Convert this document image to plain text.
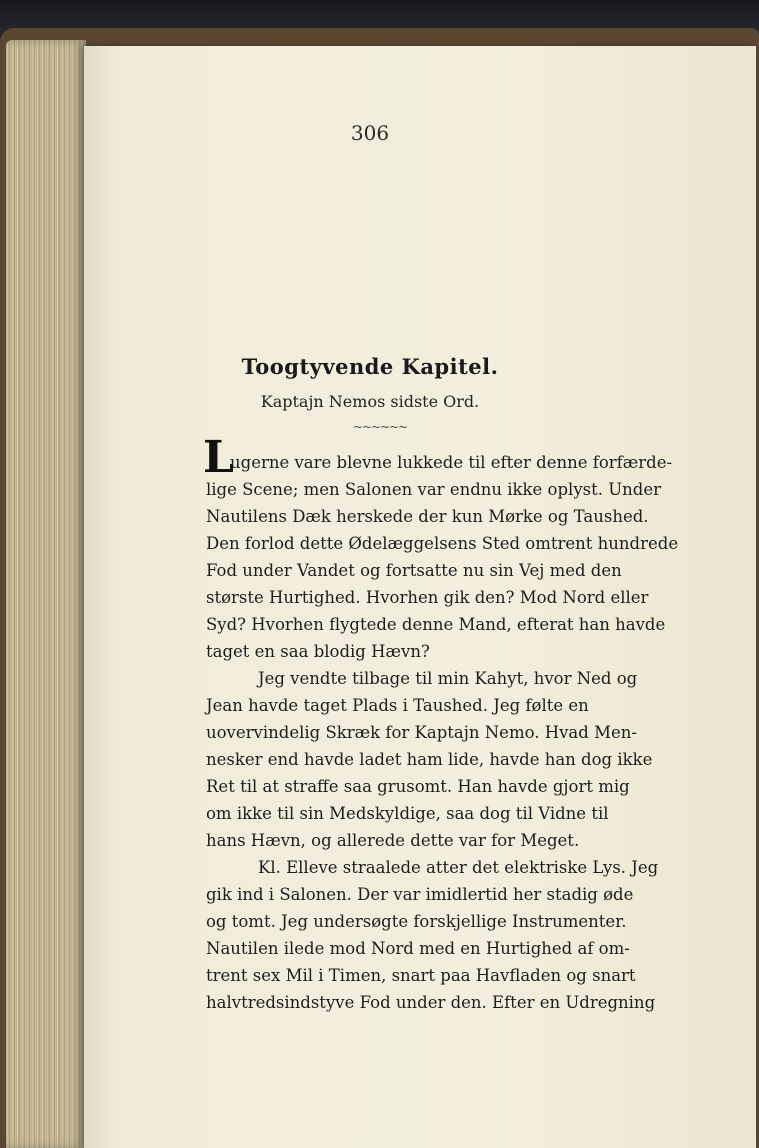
306
Toogtyvende Kapitel.
Kaptajn Nemos sidste Ord.
~~~~~~
L
ugerne vare blevne lukkede til efter denne forfærde-
lige Scene; men Salonen var endnu ikke oplyst. Under
Nautilens Dæk herskede der kun Mørke og Taushed.
Den forlod dette Ødelæggelsens Sted omtrent hundrede
Fod under Vandet og fortsatte nu sin Vej med den
største Hurtighed. Hvorhen gik den? Mod Nord eller
Syd? Hvorhen flygtede denne Mand, efterat han havde
taget en saa blodig Hævn?
Jeg vendte tilbage til min Kahyt, hvor Ned og
Jean havde taget Plads i Taushed. Jeg følte en
uovervindelig Skræk for Kaptajn Nemo. Hvad Men-
nesker end havde ladet ham lide, havde han dog ikke
Ret til at straffe saa grusomt. Han havde gjort mig
om ikke til sin Medskyldige, saa dog til Vidne til
hans Hævn, og allerede dette var for Meget.
Kl. Elleve straalede atter det elektriske Lys. Jeg
gik ind i Salonen. Der var imidlertid her stadig øde
og tomt. Jeg undersøgte forskjellige Instrumenter.
Nautilen ilede mod Nord med en Hurtighed af om-
trent sex Mil i Timen, snart paa Havfladen og snart
halvtredsindstyve Fod under den. Efter en Udregning
